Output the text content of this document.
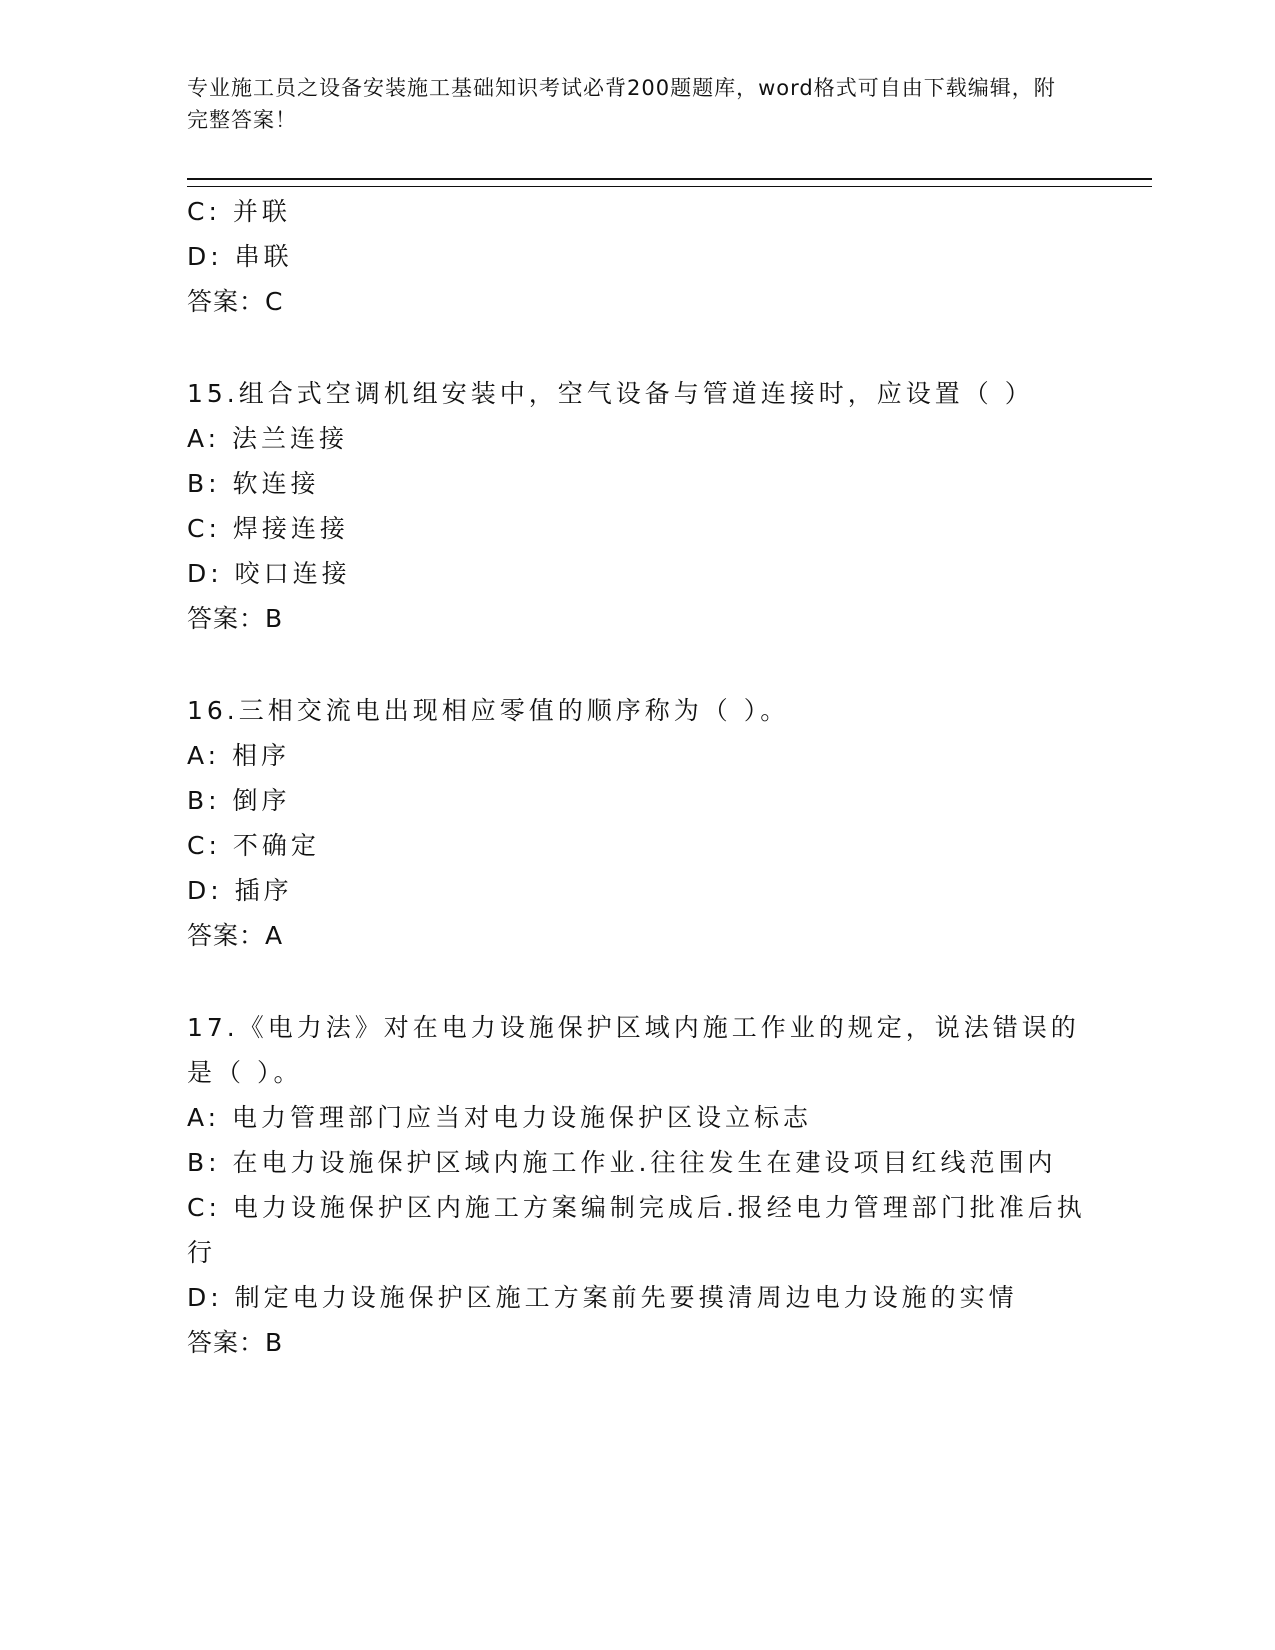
专业施工员之设备安装施工基础知识考试必背200题题库，word格式可自由下载编辑，附完整答案！
C: 并联
D: 串联
答案：C
15.组合式空调机组安装中，空气设备与管道连接时，应设置（ ）
A: 法兰连接
B: 软连接
C: 焊接连接
D: 咬口连接
答案：B
16.三相交流电出现相应零值的顺序称为（ ）。
A: 相序
B: 倒序
C: 不确定
D: 插序
答案：A
17.《电力法》对在电力设施保护区域内施工作业的规定，说法错误的是（ ）。
A: 电力管理部门应当对电力设施保护区设立标志
B: 在电力设施保护区域内施工作业.往往发生在建设项目红线范围内
C: 电力设施保护区内施工方案编制完成后.报经电力管理部门批准后执行
D: 制定电力设施保护区施工方案前先要摸清周边电力设施的实情
答案：B
